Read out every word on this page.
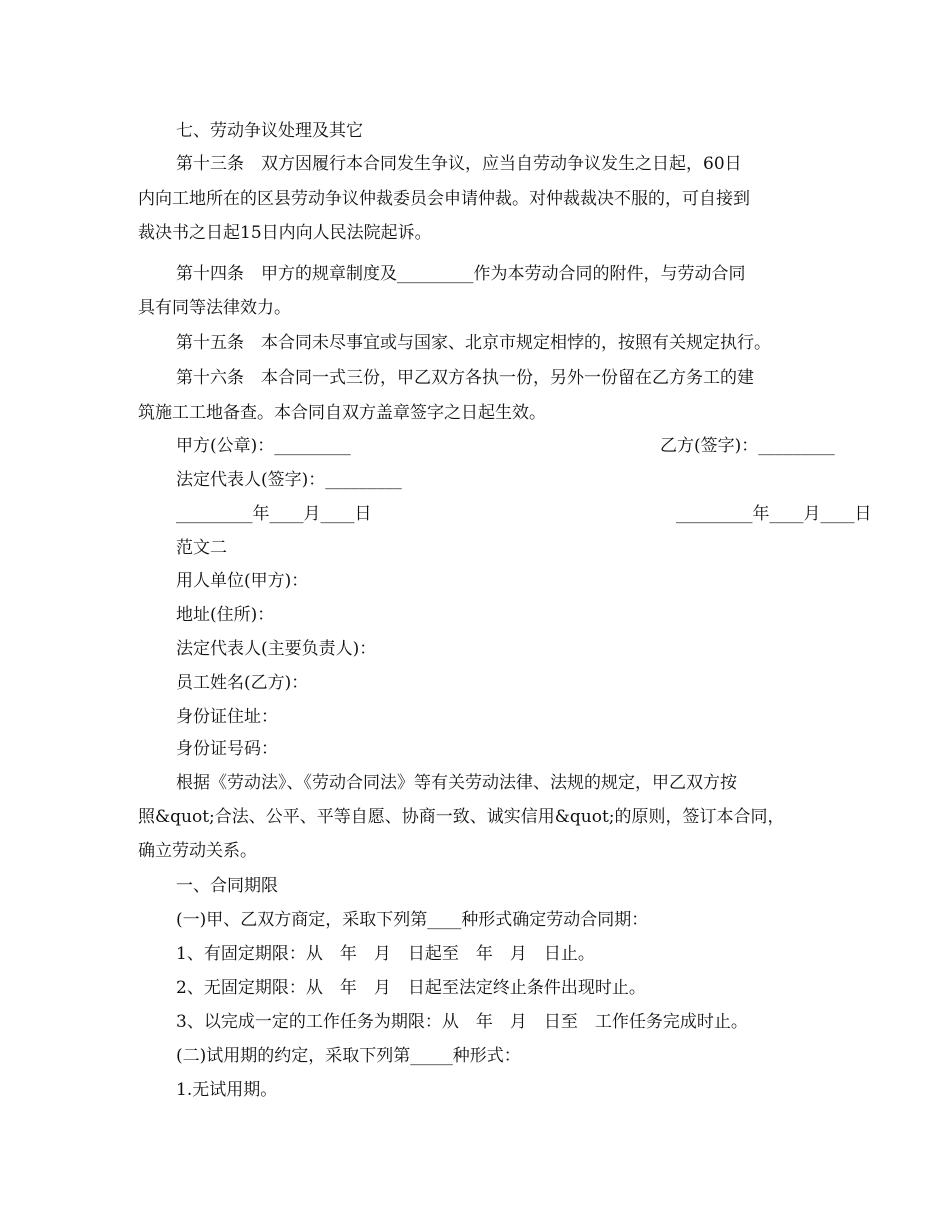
七、劳动争议处理及其它
第十三条　双方因履行本合同发生争议，应当自劳动争议发生之日起，60日
内向工地所在的区县劳动争议仲裁委员会申请仲裁。对仲裁裁决不服的，可自接到
裁决书之日起15日内向人民法院起诉。
第十四条　甲方的规章制度及_________作为本劳动合同的附件，与劳动合同
具有同等法律效力。
第十五条　本合同未尽事宜或与国家、北京市规定相悖的，按照有关规定执行。
第十六条　本合同一式三份，甲乙双方各执一份，另外一份留在乙方务工的建
筑施工工地备查。本合同自双方盖章签字之日起生效。
甲方(公章)：_________	乙方(签字)：_________
法定代表人(签字)：_________
_________年____月____日	_________年____月____日
范文二
用人单位(甲方)：
地址(住所)：
法定代表人(主要负责人)：
员工姓名(乙方)：
身份证住址：
身份证号码：
根据《劳动法》、《劳动合同法》等有关劳动法律、法规的规定，甲乙双方按
照&quot;合法、公平、平等自愿、协商一致、诚实信用&quot;的原则，签订本合同，
确立劳动关系。
一、合同期限
(一)甲、乙双方商定，采取下列第____种形式确定劳动合同期：
1、有固定期限：从　年　月　日起至　年　月　日止。
2、无固定期限：从　年　月　日起至法定终止条件出现时止。
3、以完成一定的工作任务为期限：从　年　月　日至　工作任务完成时止。
(二)试用期的约定，采取下列第_____种形式：
1.无试用期。
